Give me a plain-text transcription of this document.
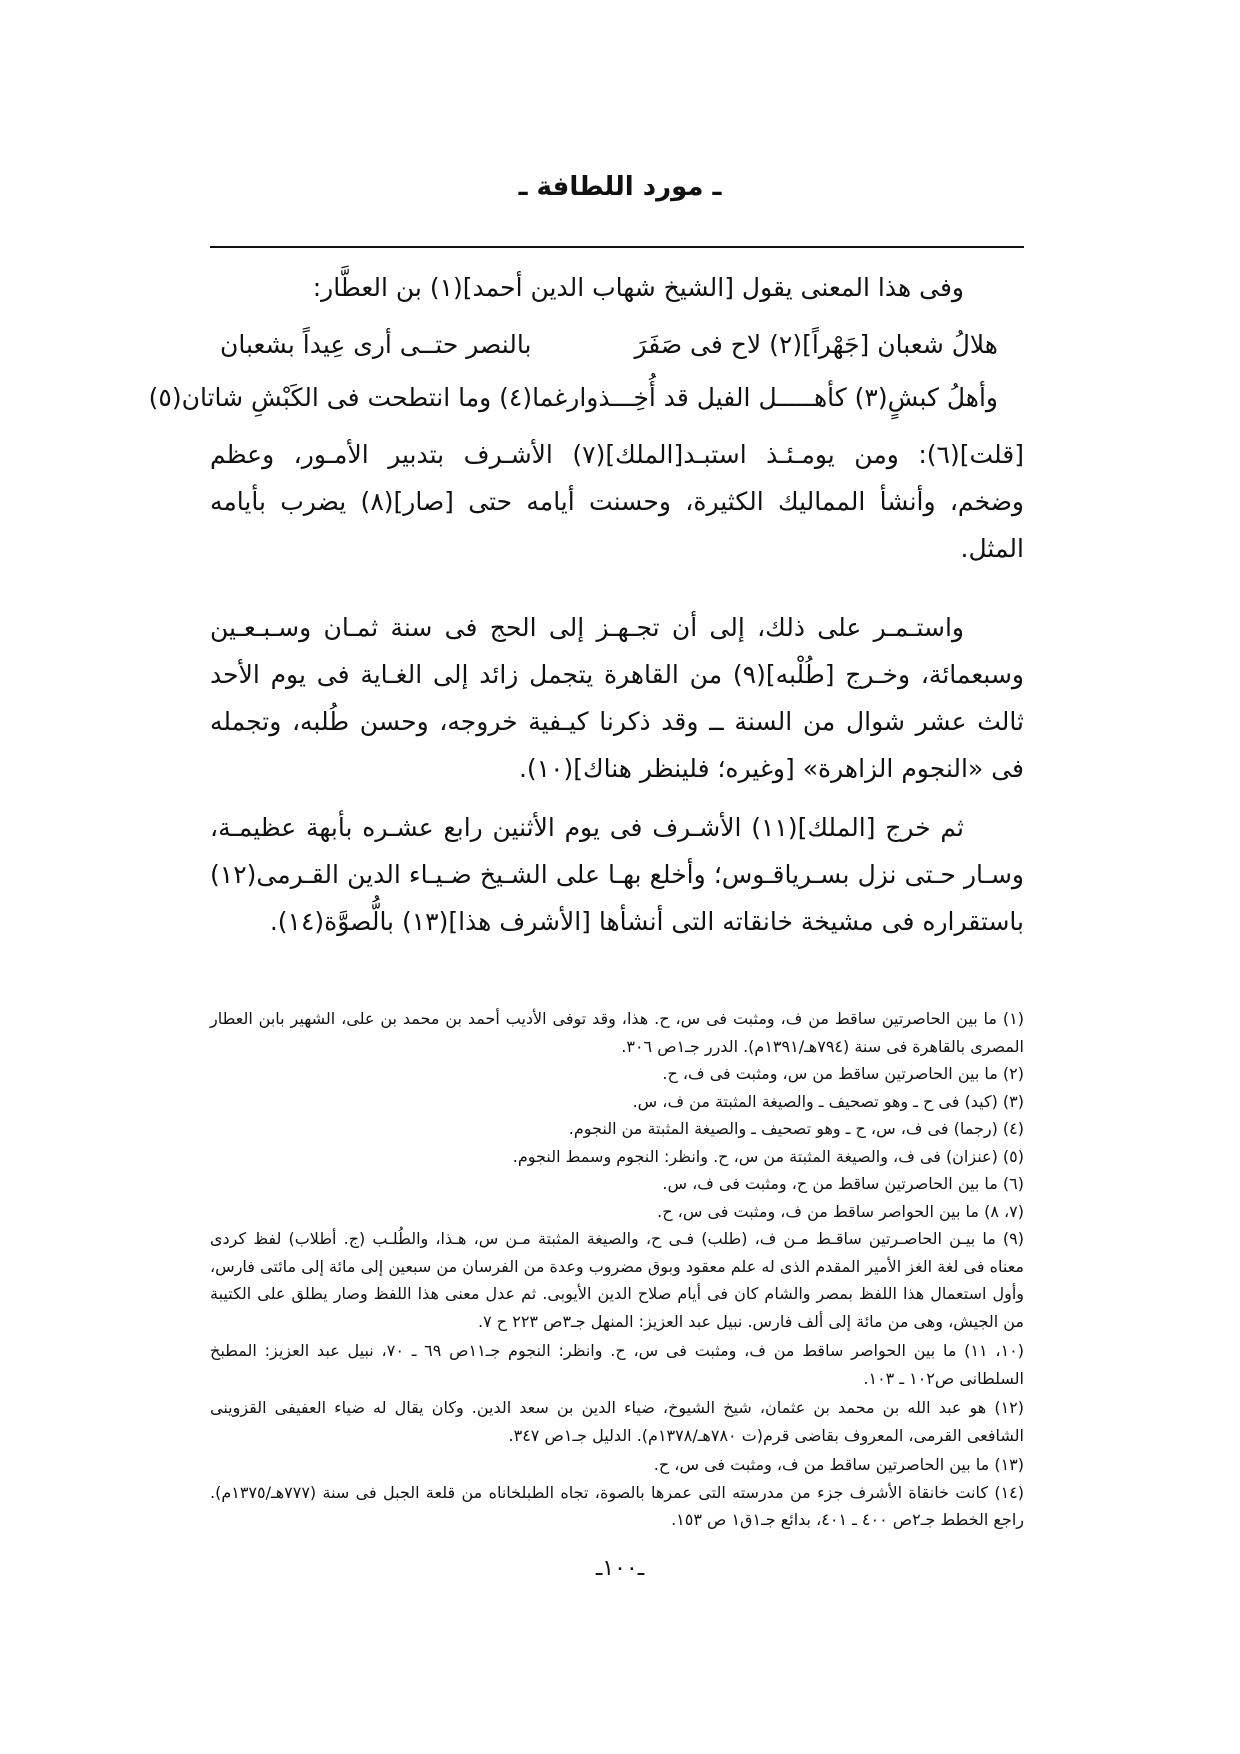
ـ مورد اللطافة ـ

وفى هذا المعنى يقول [الشيخ شهاب الدين أحمد](١) بن العطَّار:

هلالُ شعبان [جَهْراً](٢) لاح فى صَفَرَ
بالنصر حتــى أرى عِيداً بشعبان
وأهلُ كبشٍ(٣) كأهـــــل الفيل قد أُخِـــذوا
رغما(٤) وما انتطحت فى الكَبْشِ شاتان(٥)

[قلت](٦): ومن يومـئـذ استبـد[الملك](٧) الأشـرف بتدبير الأمـور، وعظم وضخم، وأنشأ المماليك الكثيرة، وحسنت أيامه حتى [صار](٨) يضرب بأيامه المثل.

واستـمـر على ذلك، إلى أن تجـهـز إلى الحج فى سنة ثمـان وسـبـعـين وسبعمائة، وخـرج [طُلْبه](٩) من القاهرة يتجمل زائد إلى الغـاية فى يوم الأحد ثالث عشر شوال من السنة ــ وقد ذكرنا كيـفية خروجه، وحسن طُلبه، وتجمله فى «النجوم الزاهرة» [وغيره؛ فلينظر هناك](١٠).

ثم خرج [الملك](١١) الأشـرف فى يوم الأثنين رابع عشـره بأبهة عظيمـة، وسـار حـتى نزل بسـرياقـوس؛ وأخلع بهـا على الشـيخ ضـيـاء الدين القـرمى(١٢) باستقراره فى مشيخة خانقاته التى أنشأها [الأشرف هذا](١٣) بالُّصوَّة(١٤).

(١) ما بين الحاصرتين ساقط من ف، ومثبت فى س، ح. هذا، وقد توفى الأديب أحمد بن محمد بن على، الشهير بابن العطار المصرى بالقاهرة فى سنة (٧٩٤هـ/١٣٩١م). الدرر جـ١ص ٣٠٦.

(٢) ما بين الحاصرتين ساقط من س، ومثبت فى ف، ح.

(٣) (كيد) فى ح ـ وهو تصحيف ـ والصيغة المثبتة من ف، س.

(٤) (رجما) فى ف، س، ح ـ وهو تصحيف ـ والصيغة المثبتة من النجوم.

(٥) (عنزان) فى ف، والصيغة المثبتة من س، ح. وانظر: النجوم وسمط النجوم.

(٦) ما بين الحاصرتين ساقط من ح، ومثبت فى ف، س.

(٧، ٨) ما بين الحواصر ساقط من ف، ومثبت فى س، ح.

(٩) ما بيـن الحاصـرتين ساقـط مـن ف، (طلب) فـى ح، والصيغة المثبتة مـن س، هـذا، والطُلـب (ج. أطلاب) لفظ كردى معناه فى لغة الغز الأمير المقدم الذى له علم معقود وبوق مضروب وعدة من الفرسان من سبعين إلى مائة إلى مائتى فارس، وأول استعمال هذا اللفظ بمصر والشام كان فى أيام صلاح الدين الأيوبى. ثم عدل معنى هذا اللفظ وصار يطلق على الكتيبة من الجيش، وهى من مائة إلى ألف فارس. نبيل عبد العزيز: المنهل جـ٣ص ٢٢٣ ح ٧.

(١٠، ١١) ما بين الحواصر ساقط من ف، ومثبت فى س، ح. وانظر: النجوم جـ١١ص ٦٩ ـ ٧٠، نبيل عبد العزيز: المطبخ السلطانى ص١٠٢ ـ ١٠٣.

(١٢) هو عبد الله بن محمد بن عثمان، شيخ الشيوخ، ضياء الدين بن سعد الدين. وكان يقال له ضياء العفيفى القزوينى الشافعى القرمى، المعروف بقاضى قرم(ت ٧٨٠هـ/١٣٧٨م). الدليل جـ١ص ٣٤٧.

(١٣) ما بين الحاصرتين ساقط من ف، ومثبت فى س، ح.

(١٤) كانت خانقاة الأشرف جزء من مدرسته التى عمرها بالصوة، تجاه الطبلخاناه من قلعة الجبل فى سنة (٧٧٧هـ/١٣٧٥م). راجع الخطط جـ٢ص ٤٠٠ ـ ٤٠١، بدائع جـ١ق١ ص ١٥٣.

ـ١٠٠ـ
